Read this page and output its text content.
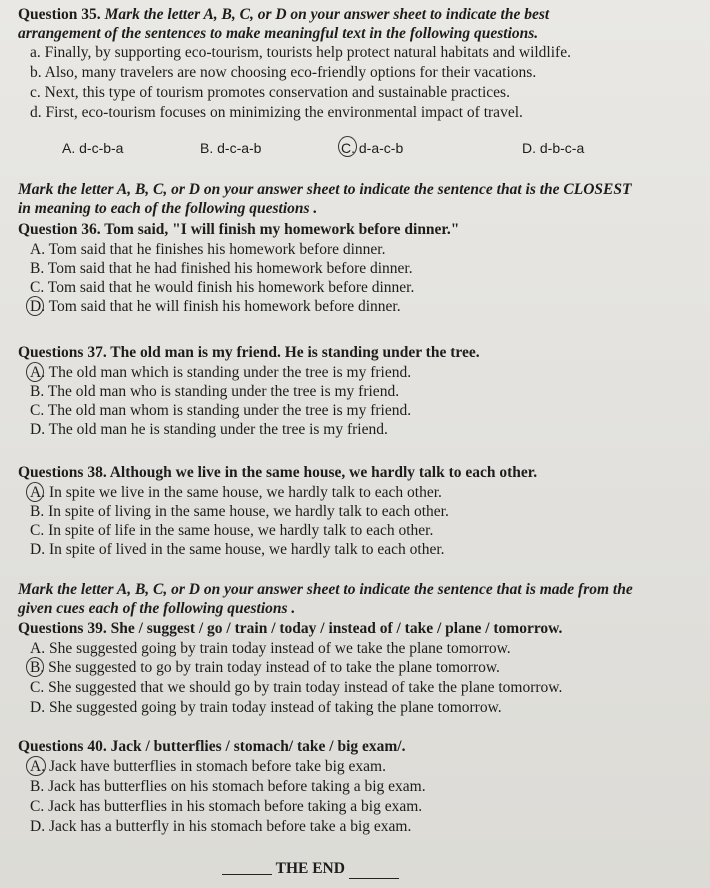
Question 35. Mark the letter A, B, C, or D on your answer sheet to indicate the best
arrangement of the sentences to make meaningful text in the following questions.
a. Finally, by supporting eco-tourism, tourists help protect natural habitats and wildlife.
b. Also, many travelers are now choosing eco-friendly options for their vacations.
c. Next, this type of tourism promotes conservation and sustainable practices.
d. First, eco-tourism focuses on minimizing the environmental impact of travel.
A. d-c-b-a	B. d-c-a-b	C. d-a-c-b	D. d-b-c-a
Mark the letter A, B, C, or D on your answer sheet to indicate the sentence that is the CLOSEST
in meaning to each of the following questions .
Question 36. Tom said, "I will finish my homework before dinner."
A. Tom said that he finishes his homework before dinner.
B. Tom said that he had finished his homework before dinner.
C. Tom said that he would finish his homework before dinner.
D. Tom said that he will finish his homework before dinner.
Questions 37. The old man is my friend. He is standing under the tree.
A. The old man which is standing under the tree is my friend.
B. The old man who is standing under the tree is my friend.
C. The old man whom is standing under the tree is my friend.
D. The old man he is standing under the tree is my friend.
Questions 38. Although we live in the same house, we hardly talk to each other.
A. In spite we live in the same house, we hardly talk to each other.
B. In spite of living in the same house, we hardly talk to each other.
C. In spite of life in the same house, we hardly talk to each other.
D. In spite of lived in the same house, we hardly talk to each other.
Mark the letter A, B, C, or D on your answer sheet to indicate the sentence that is made from the
given cues each of the following questions .
Questions 39. She / suggest / go / train / today / instead of / take / plane / tomorrow.
A. She suggested going by train today instead of we take the plane tomorrow.
B. She suggested to go by train today instead of to take the plane tomorrow.
C. She suggested that we should go by train today instead of take the plane tomorrow.
D. She suggested going by train today instead of taking the plane tomorrow.
Questions 40. Jack / butterflies / stomach/ take / big exam/.
A. Jack have butterflies in stomach before take big exam.
B. Jack has butterflies on his stomach before taking a big exam.
C. Jack has butterflies in his stomach before taking a big exam.
D. Jack has a butterfly in his stomach before take a big exam.
THE END
